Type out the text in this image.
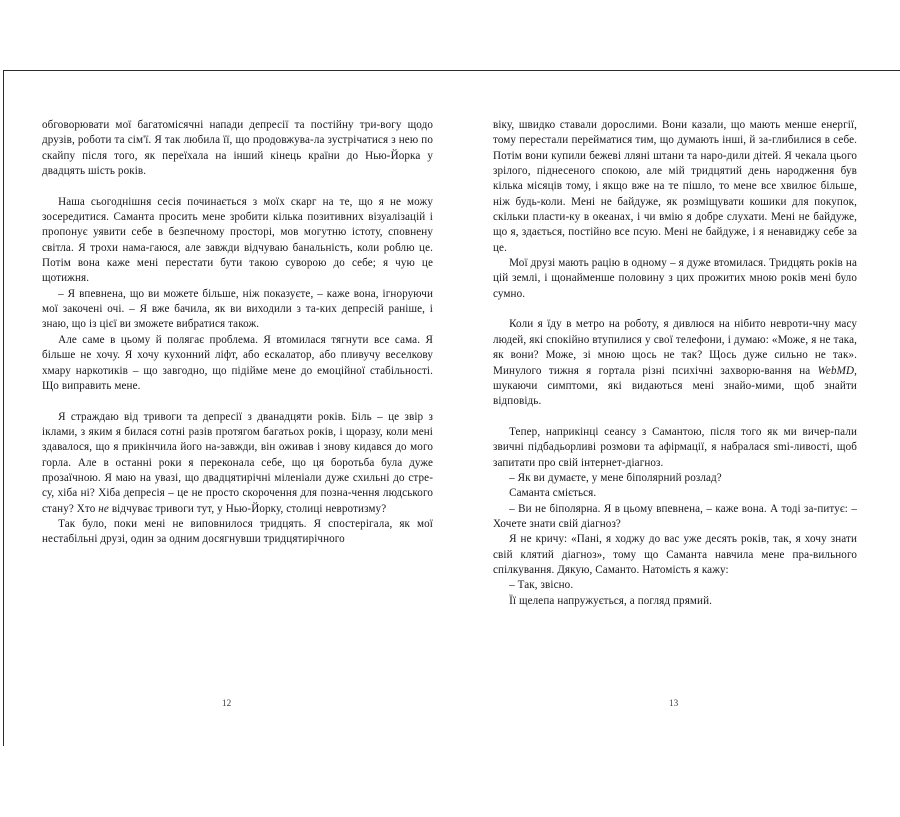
обговорювати мої багатомісячні напади депресії та постійну три-вогу щодо друзів, роботи та сім'ї. Я так любила її, що продовжува-ла зустрічатися з нею по скайпу після того, як переїхала на інший кінець країни до Нью-Йорка у двадцять шість років.

Наша сьогоднішня сесія починається з моїх скарг на те, що я не можу зосередитися. Саманта просить мене зробити кілька позитивних візуалізацій і пропонує уявити себе в безпечному просторі, мов могутню істоту, сповнену світла. Я трохи нама-гаюся, але завжди відчуваю банальність, коли роблю це. Потім вона каже мені перестати бути такою суворою до себе; я чую це щотижня.

– Я впевнена, що ви можете більше, ніж показуєте, – каже вона, ігноруючи мої закочені очі. – Я вже бачила, як ви виходили з та-ких депресій раніше, і знаю, що із цієї ви зможете вибратися також.

Але саме в цьому й полягає проблема. Я втомилася тягнути все сама. Я більше не хочу. Я хочу кухонний ліфт, або ескалатор, або пливучу веселкову хмару наркотиків – що завгодно, що підійме мене до емоційної стабільності. Що виправить мене.

Я страждаю від тривоги та депресії з дванадцяти років. Біль – це звір з іклами, з яким я билася сотні разів протягом багатьох років, і щоразу, коли мені здавалося, що я прикінчила його на-завжди, він оживав і знову кидався до мого горла. Але в останні роки я переконала себе, що ця боротьба була дуже прозаїчною. Я маю на увазі, що двадцятирічні міленіали дуже схильні до стре-су, хіба ні? Хіба депресія – це не просто скорочення для позна-чення людського стану? Хто не відчуває тривоги тут, у Нью-Йорку, столиці невротизму?

Так було, поки мені не виповнилося тридцять. Я спостерігала, як мої нестабільні друзі, один за одним досягнувши тридцятирічного

віку, швидко ставали дорослими. Вони казали, що мають менше енергії, тому перестали перейматися тим, що думають інші, й за-глибилися в себе. Потім вони купили бежеві лляні штани та наро-дили дітей. Я чекала цього зрілого, піднесеного спокою, але мій тридцятий день народження був кілька місяців тому, і якщо вже на те пішло, то мене все хвилює більше, ніж будь-коли. Мені не байдуже, як розміщувати кошики для покупок, скільки пласти-ку в океанах, і чи вмію я добре слухати. Мені не байдуже, що я, здається, постійно все псую. Мені не байдуже, і я ненавиджу себе за це.

Мої друзі мають рацію в одному – я дуже втомилася. Тридцять років на цій землі, і щонайменше половину з цих прожитих мною років мені було сумно.

Коли я їду в метро на роботу, я дивлюся на нібито невроти-чну масу людей, які спокійно втупилися у свої телефони, і думаю: «Може, я не така, як вони? Може, зі мною щось не так? Щось дуже сильно не так». Минулого тижня я гортала різні психічні захворю-вання на WebMD, шукаючи симптоми, які видаються мені знайо-мими, щоб знайти відповідь.

Тепер, наприкінці сеансу з Самантою, після того як ми вичер-пали звичні підбадьорливі розмови та афірмації, я набралася smі-ливості, щоб запитати про свій інтернет-діагноз.

– Як ви думаєте, у мене біполярний розлад?

Саманта сміється.

– Ви не біполярна. Я в цьому впевнена, – каже вона. А тоді за-питує: – Хочете знати свій діагноз?

Я не кричу: «Пані, я ходжу до вас уже десять років, так, я хочу знати свій клятий діагноз», тому що Саманта навчила мене пра-вильного спілкування. Дякую, Саманто. Натомість я кажу:

– Так, звісно.

Її щелепа напружується, а погляд прямий.

12	13
